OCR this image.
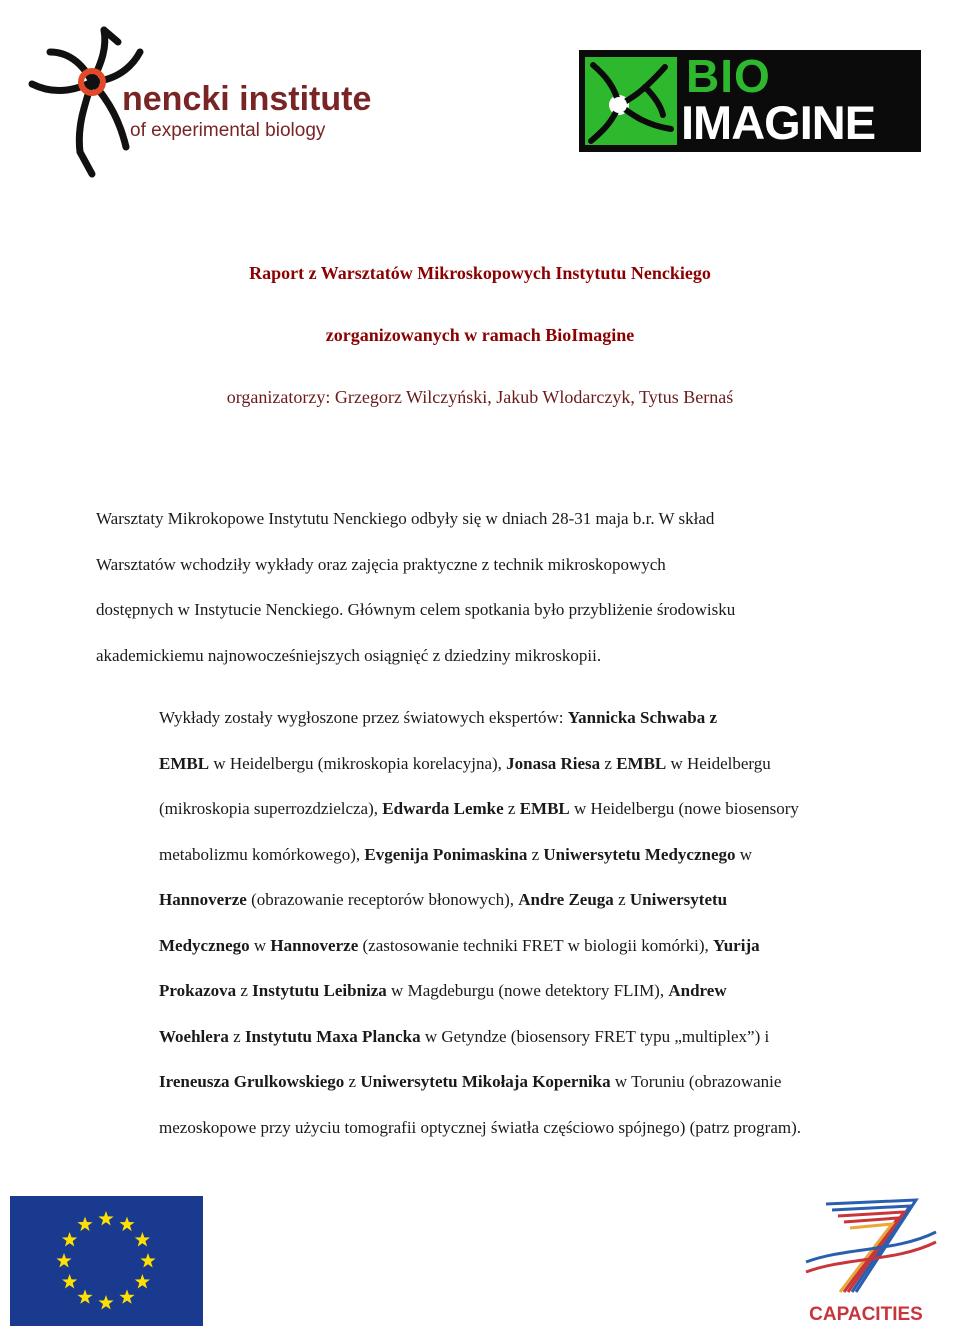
nencki institute
of experimental biology
BIO
IMAGINE
Raport z Warsztatów Mikroskopowych Instytutu Nenckiego
zorganizowanych w ramach BioImagine
organizatorzy: Grzegorz Wilczyński, Jakub Wlodarczyk, Tytus Bernaś
Warsztaty Mikrokopowe Instytutu Nenckiego odbyły się w dniach 28-31 maja b.r. W skład
Warsztatów wchodziły wykłady oraz zajęcia praktyczne z technik mikroskopowych
dostępnych w Instytucie Nenckiego. Głównym celem spotkania było przybliżenie środowisku
akademickiemu najnowocześniejszych osiągnięć z dziedziny mikroskopii.
Wykłady zostały wygłoszone przez światowych ekspertów: Yannicka Schwaba z
EMBL w Heidelbergu (mikroskopia korelacyjna), Jonasa Riesa z EMBL w Heidelbergu
(mikroskopia superrozdzielcza), Edwarda Lemke z EMBL w Heidelbergu (nowe biosensory
metabolizmu komórkowego), Evgenija Ponimaskina z Uniwersytetu Medycznego w
Hannoverze (obrazowanie receptorów błonowych), Andre Zeuga z Uniwersytetu
Medycznego w Hannoverze (zastosowanie techniki FRET w biologii komórki), Yurija
Prokazova z Instytutu Leibniza w Magdeburgu (nowe detektory FLIM), Andrew
Woehlera z Instytutu Maxa Plancka w Getyndze (biosensory FRET typu „multiplex”) i
Ireneusza Grulkowskiego z Uniwersytetu Mikołaja Kopernika w Toruniu (obrazowanie
mezoskopowe przy użyciu tomografii optycznej światła częściowo spójnego) (patrz program).
CAPACITIES
